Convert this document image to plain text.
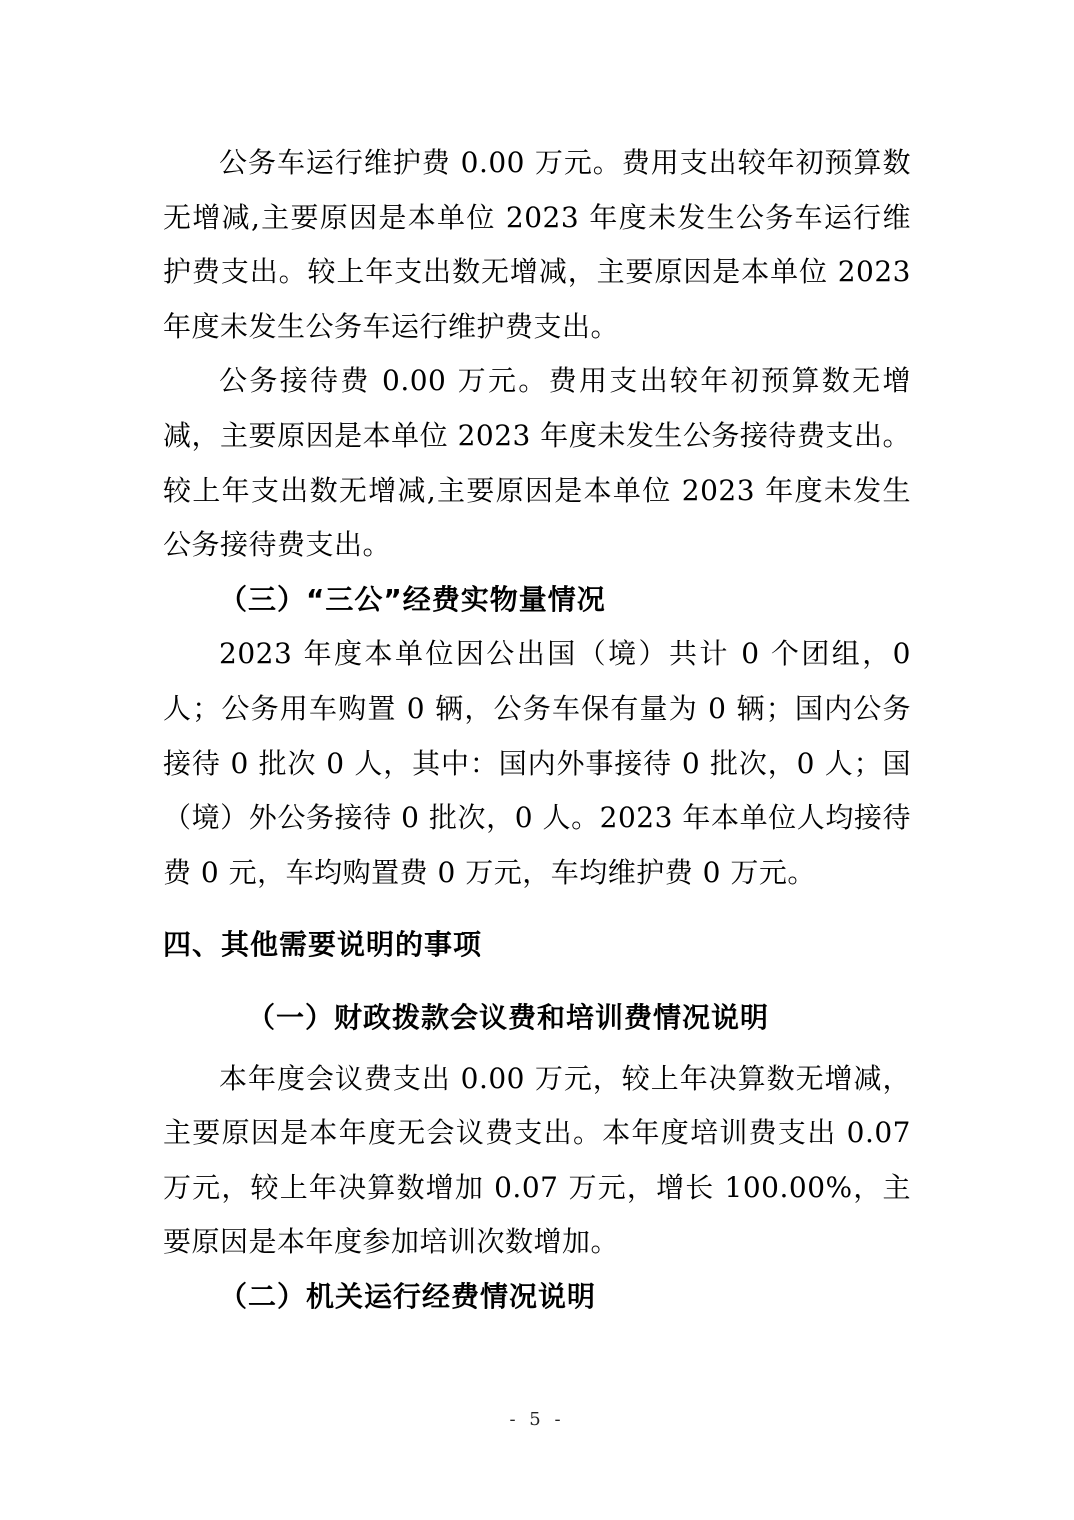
公务车运行维护费 0.00 万元。费用支出较年初预算数无增减,主要原因是本单位 2023 年度未发生公务车运行维护费支出。较上年支出数无增减，主要原因是本单位 2023 年度未发生公务车运行维护费支出。

公务接待费 0.00 万元。费用支出较年初预算数无增减，主要原因是本单位 2023 年度未发生公务接待费支出。较上年支出数无增减,主要原因是本单位 2023 年度未发生公务接待费支出。

（三）“三公”经费实物量情况

2023 年度本单位因公出国（境）共计 0 个团组，0 人；公务用车购置 0 辆，公务车保有量为 0 辆；国内公务接待 0 批次 0 人，其中：国内外事接待 0 批次，0 人；国（境）外公务接待 0 批次，0 人。2023 年本单位人均接待费 0 元，车均购置费 0 万元，车均维护费 0 万元。

四、其他需要说明的事项

（一）财政拨款会议费和培训费情况说明

本年度会议费支出 0.00 万元，较上年决算数无增减，主要原因是本年度无会议费支出。本年度培训费支出 0.07 万元，较上年决算数增加 0.07 万元，增长 100.00%，主要原因是本年度参加培训次数增加。

（二）机关运行经费情况说明

- 5 -
